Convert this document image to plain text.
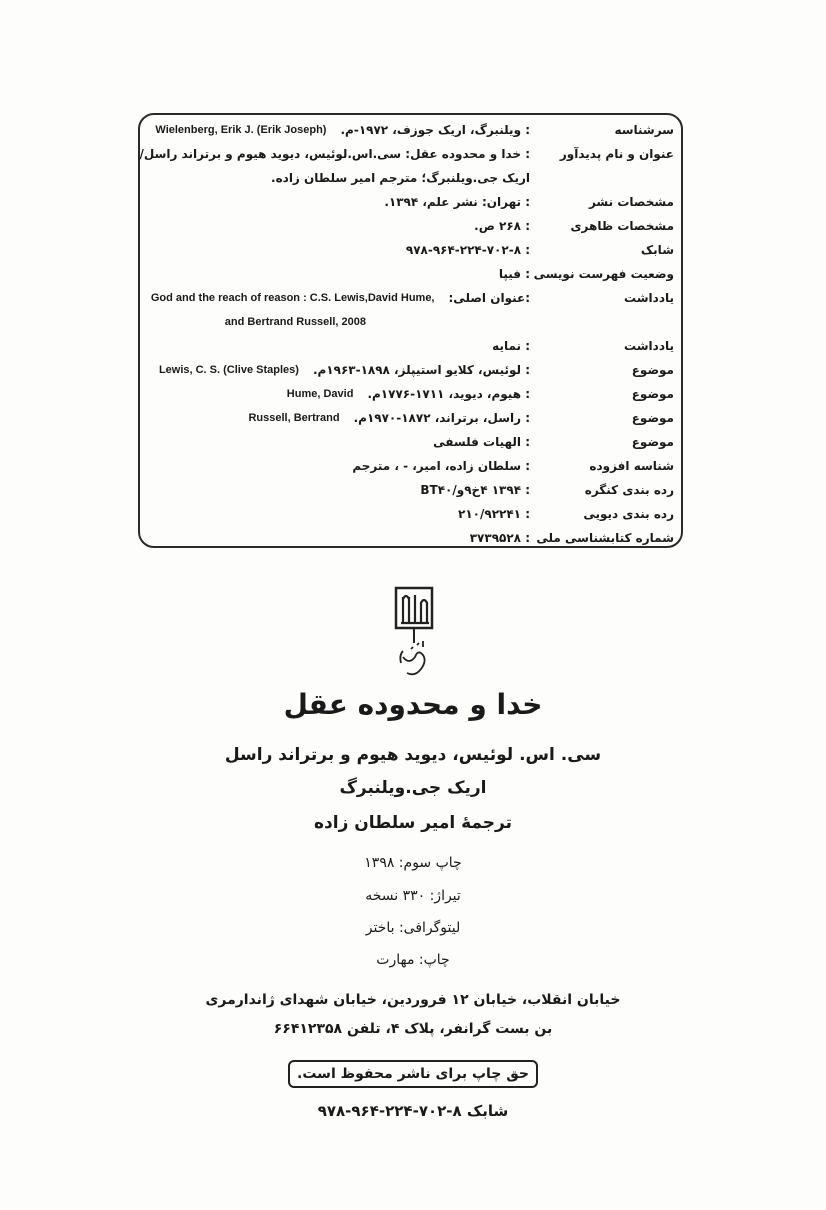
سرشناسه
: ویلنبرگ، اریک جوزف، ۱۹۷۲-م.
Wielenberg, Erik J. (Erik Joseph)
عنوان و نام پدیدآور
: خدا و محدوده عقل: سی.اس.لوئیس، دیوید هیوم و برتراند راسل/
اریک جی.ویلنبرگ؛ مترجم امیر سلطان زاده.
مشخصات نشر
: تهران: نشر علم، ۱۳۹۴.
مشخصات ظاهری
: ۲۶۸ ص.
شابک
: ۹۷۸-۹۶۴-۲۲۴-۷۰۲-۸
وضعیت فهرست نویسی
: فیپا
یادداشت
:عنوان اصلی:
God and the reach of reason : C.S. Lewis,David Hume,
and Bertrand Russell, 2008
یادداشت
: نمایه
موضوع
: لوئیس، کلایو استیپلز، ۱۸۹۸-۱۹۶۳م.
Lewis, C. S. (Clive Staples)
موضوع
: هیوم، دیوید، ۱۷۱۱-۱۷۷۶م.
Hume, David
موضوع
: راسل، برتراند، ۱۸۷۲-۱۹۷۰م.
Russell, Bertrand
موضوع
: الهیات فلسفی
شناسه افزوده
: سلطان زاده، امیر، - ، مترجم
رده بندی کنگره
: ۱۳۹۴ ۴خ۹و/BT۴۰
رده بندی دیویی
: ۲۱۰/۹۲۲۴۱
شماره کتابشناسی ملی
: ۳۷۳۹۵۲۸
خدا و محدوده عقل
سی. اس. لوئیس، دیوید هیوم و برتراند راسل
اریک جی.ویلنبرگ
ترجمهٔ امیر سلطان زاده
چاپ سوم: ۱۳۹۸
تیراژ: ۳۳۰ نسخه
لیتوگرافی: باختر
چاپ: مهارت
خیابان انقلاب، خیابان ۱۲ فروردین، خیابان شهدای ژاندارمری
بن بست گرانفر، پلاک ۴، تلفن ۶۶۴۱۲۳۵۸
حق چاپ برای ناشر محفوظ است.
شابک ۸-۷۰۲-۲۲۴-۹۶۴-۹۷۸
